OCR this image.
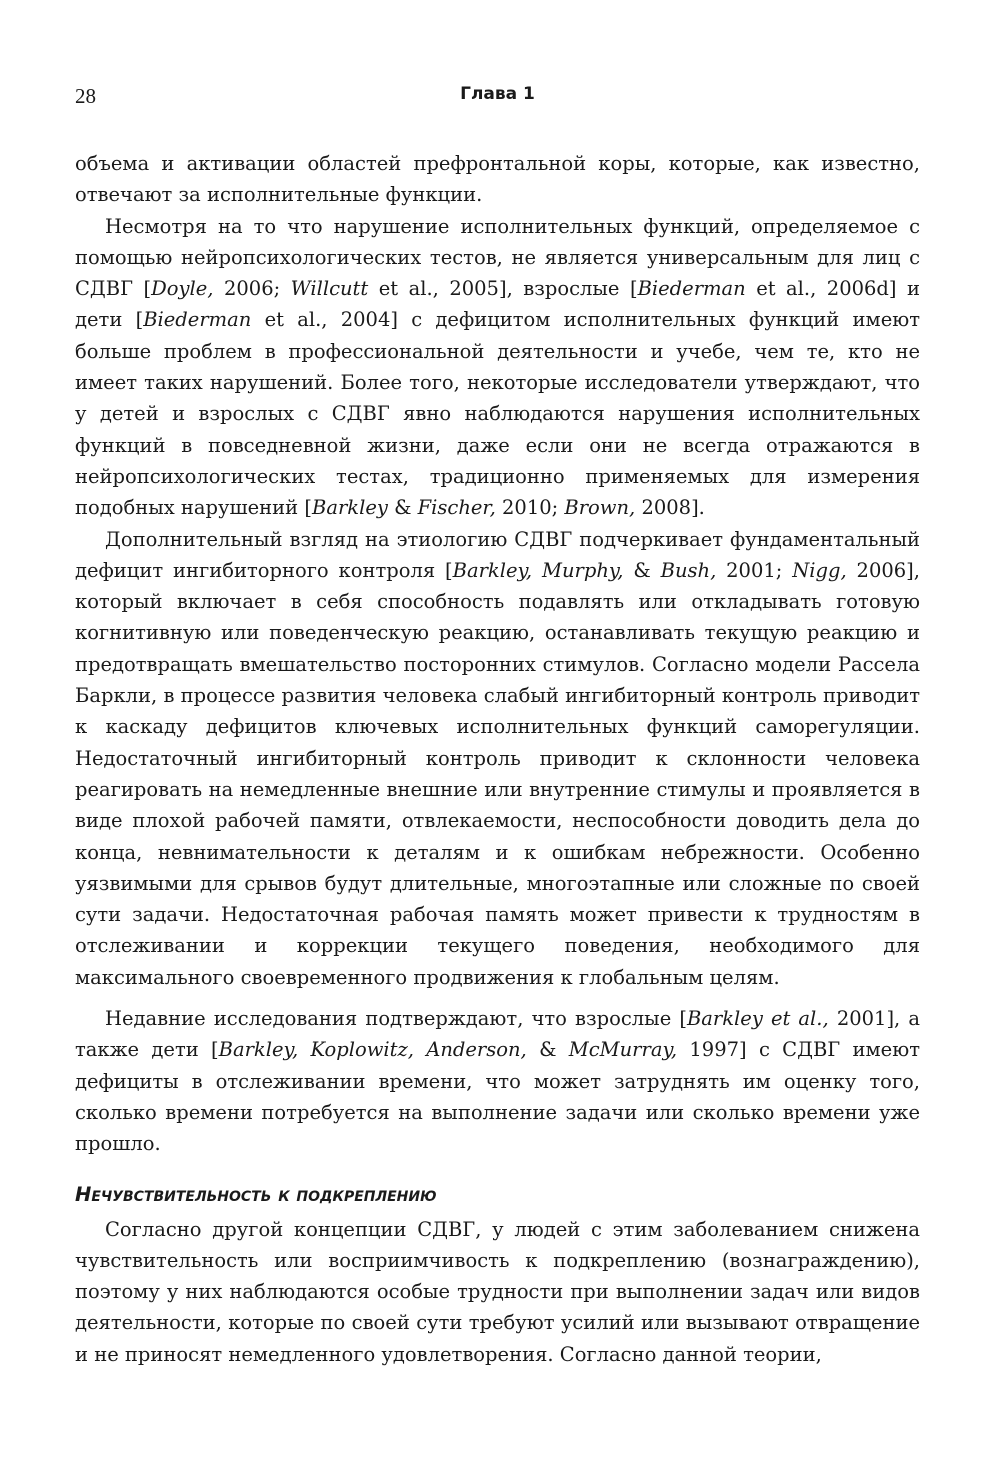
28	Глава 1

объема и активации областей префронтальной коры, которые, как известно, отвечают за исполнительные функции.

Несмотря на то что нарушение исполнительных функций, определяемое с помощью нейропсихологических тестов, не является универсальным для лиц с СДВГ [Doyle, 2006; Willcutt et al., 2005], взрослые [Biederman et al., 2006d] и дети [Biederman et al., 2004] с дефицитом исполнительных функций имеют больше проблем в профессиональной деятельности и учебе, чем те, кто не имеет таких нарушений. Более того, некоторые исследователи утверждают, что у детей и взрослых с СДВГ явно наблюдаются нарушения исполнительных функций в повседневной жизни, даже если они не всегда отражаются в нейропсихологических тестах, традиционно применяемых для измерения подобных нарушений [Barkley & Fischer, 2010; Brown, 2008].

Дополнительный взгляд на этиологию СДВГ подчеркивает фундаментальный дефицит ингибиторного контроля [Barkley, Murphy, & Bush, 2001; Nigg, 2006], который включает в себя способность подавлять или откладывать готовую когнитивную или поведенческую реакцию, останавливать текущую реакцию и предотвращать вмешательство посторонних стимулов. Согласно модели Рассела Баркли, в процессе развития человека слабый ингибиторный контроль приводит к каскаду дефицитов ключевых исполнительных функций саморегуляции. Недостаточный ингибиторный контроль приводит к склонности человека реагировать на немедленные внешние или внутренние стимулы и проявляется в виде плохой рабочей памяти, отвлекаемости, неспособности доводить дела до конца, невнимательности к деталям и к ошибкам небрежности. Особенно уязвимыми для срывов будут длительные, многоэтапные или сложные по своей сути задачи. Недостаточная рабочая память может привести к трудностям в отслеживании и коррекции текущего поведения, необходимого для максимального своевременного продвижения к глобальным целям.

Недавние исследования подтверждают, что взрослые [Barkley et al., 2001], а также дети [Barkley, Koplowitz, Anderson, & McMurray, 1997] с СДВГ имеют дефициты в отслеживании времени, что может затруднять им оценку того, сколько времени потребуется на выполнение задачи или сколько времени уже прошло.

Нечувствительность к подкреплению

Согласно другой концепции СДВГ, у людей с этим заболеванием снижена чувствительность или восприимчивость к подкреплению (вознаграждению), поэтому у них наблюдаются особые трудности при выполнении задач или видов деятельности, которые по своей сути требуют усилий или вызывают отвращение и не приносят немедленного удовлетворения. Согласно данной теории,
